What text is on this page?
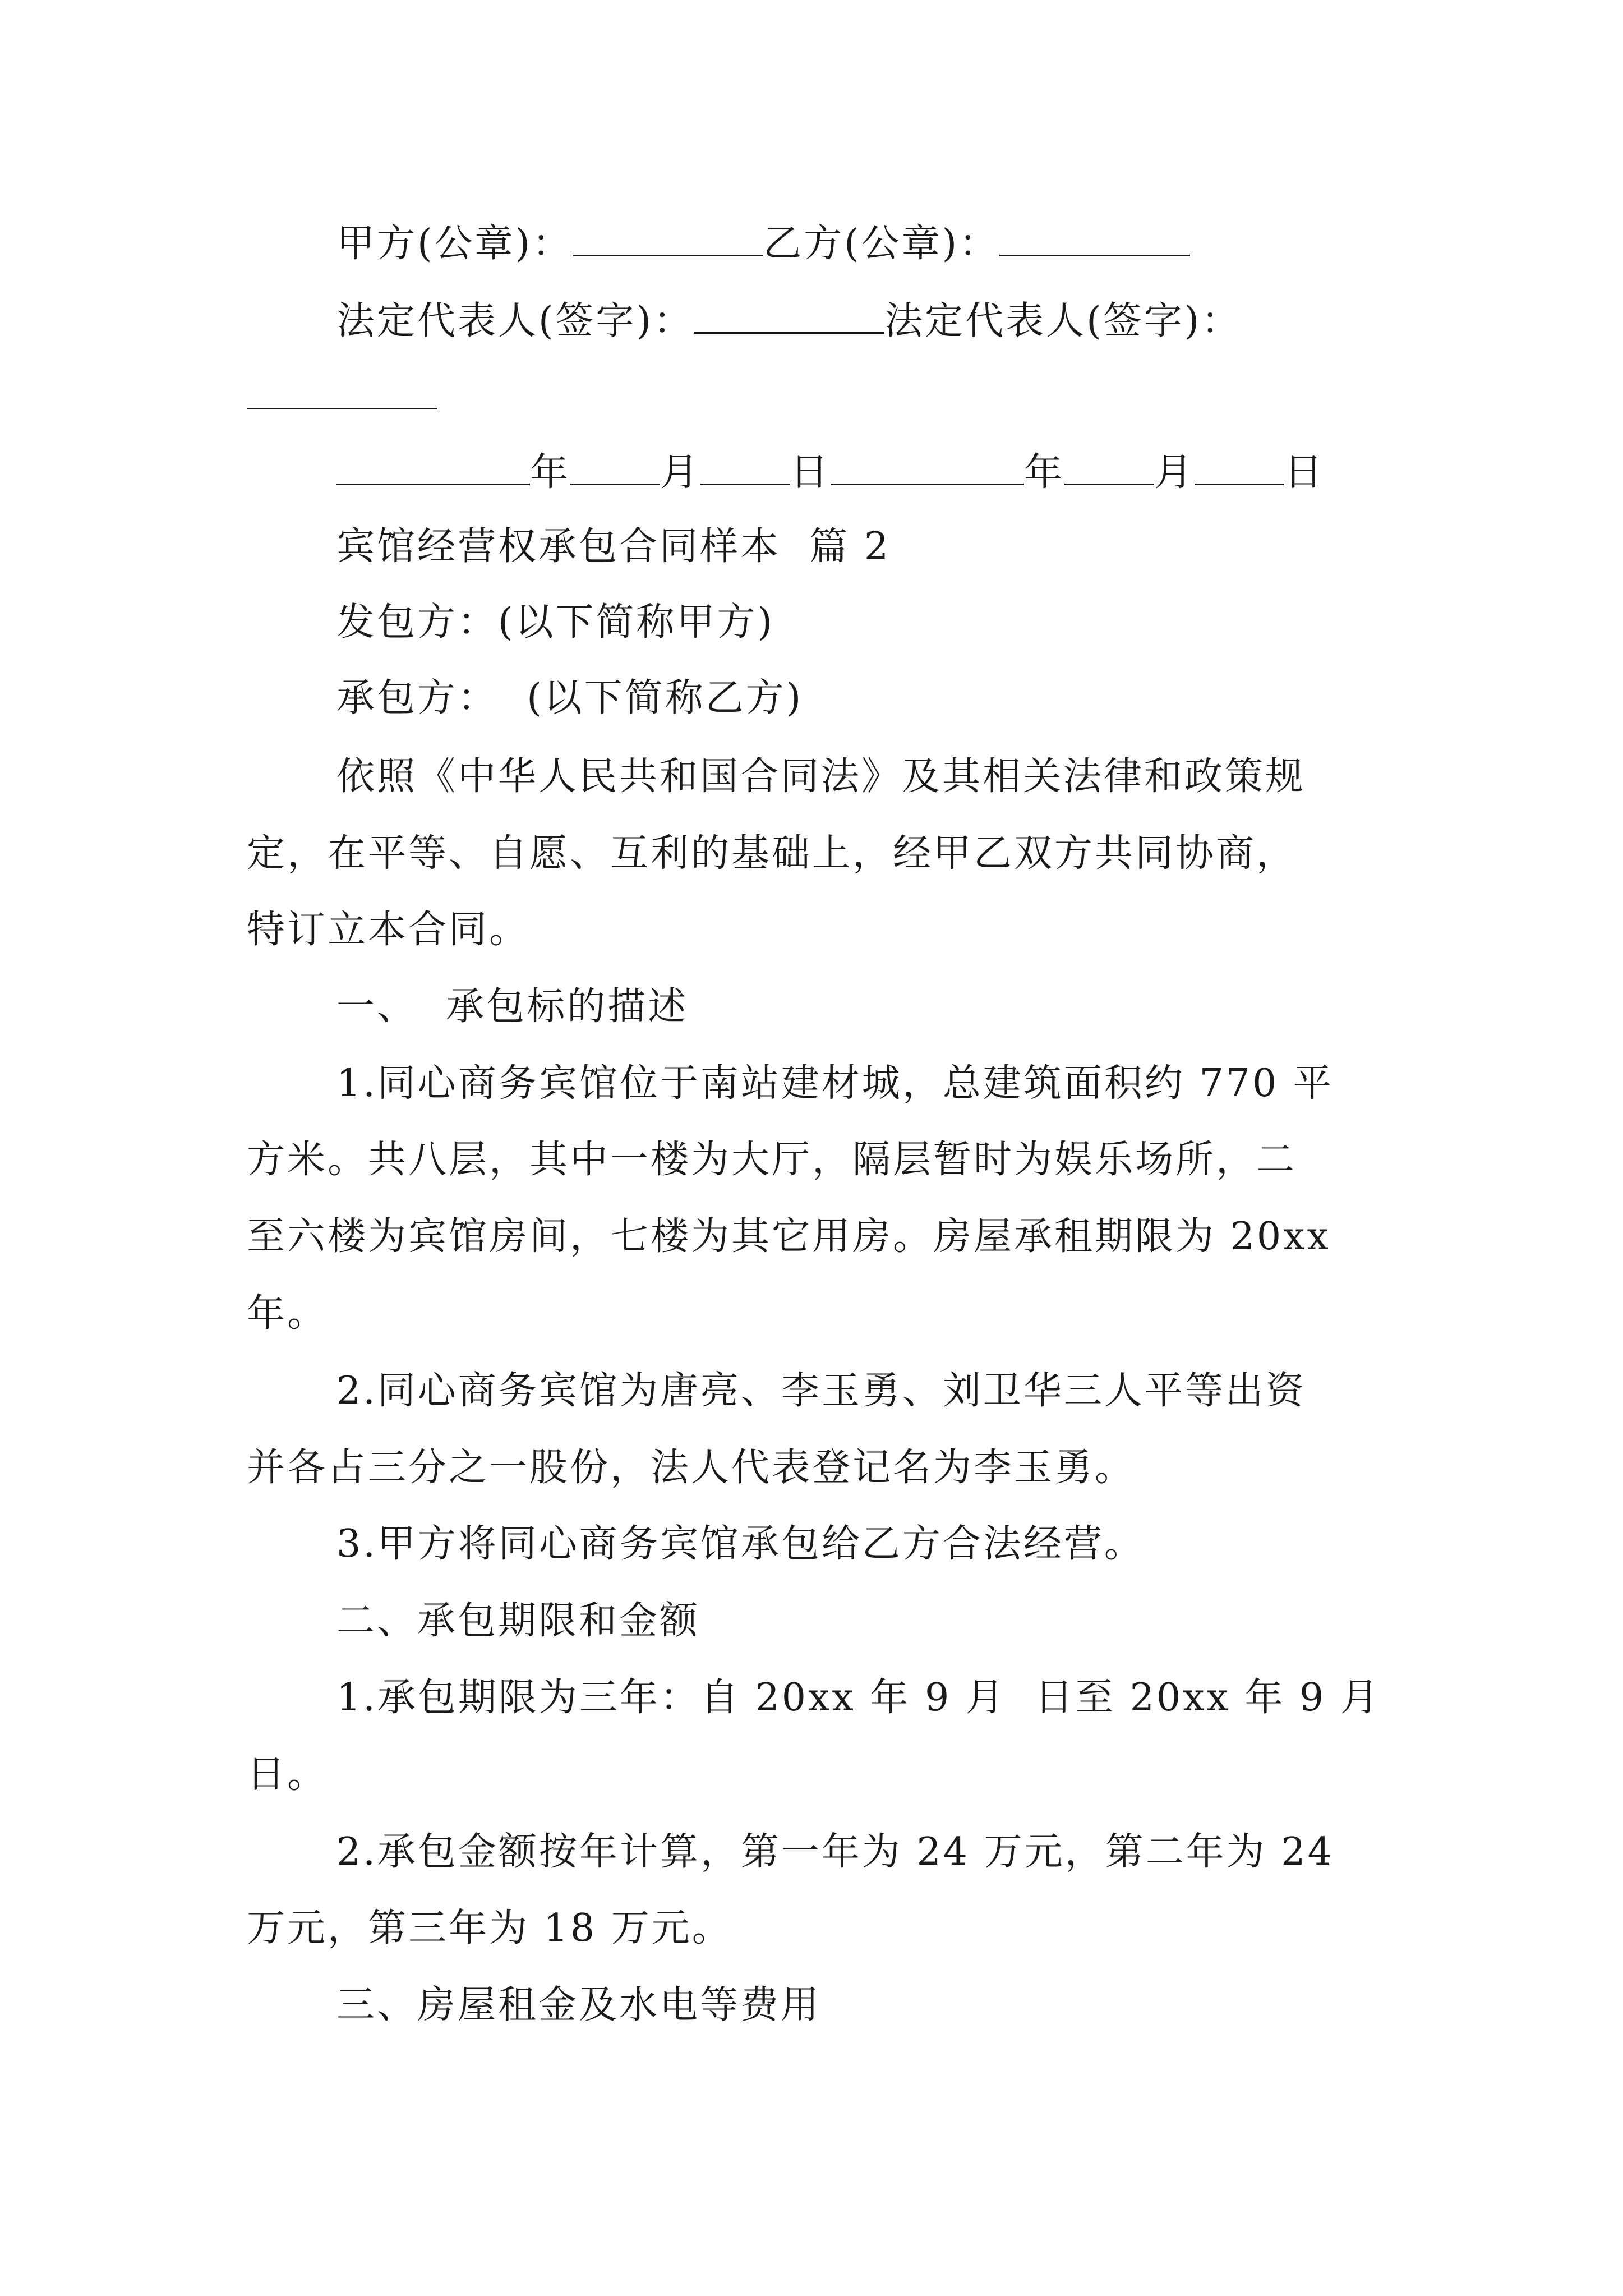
甲方(公章)：	乙方(公章)：
法定代表人(签字)：	法定代表人(签字)：
年 月 日	年 月 日
宾馆经营权承包合同样本  篇 2
发包方：(以下简称甲方)
承包方：  (以下简称乙方)
依照《中华人民共和国合同法》及其相关法律和政策规
定，在平等、自愿、互利的基础上，经甲乙双方共同协商，
特订立本合同。
一、  承包标的描述
1.同心商务宾馆位于南站建材城，总建筑面积约 770 平
方米。共八层，其中一楼为大厅，隔层暂时为娱乐场所，二
至六楼为宾馆房间，七楼为其它用房。房屋承租期限为 20xx
年。
2.同心商务宾馆为唐亮、李玉勇、刘卫华三人平等出资
并各占三分之一股份，法人代表登记名为李玉勇。
3.甲方将同心商务宾馆承包给乙方合法经营。
二、承包期限和金额
1.承包期限为三年：自 20xx 年 9 月  日至 20xx 年 9 月
日。
2.承包金额按年计算，第一年为 24 万元，第二年为 24
万元，第三年为 18 万元。
三、房屋租金及水电等费用
